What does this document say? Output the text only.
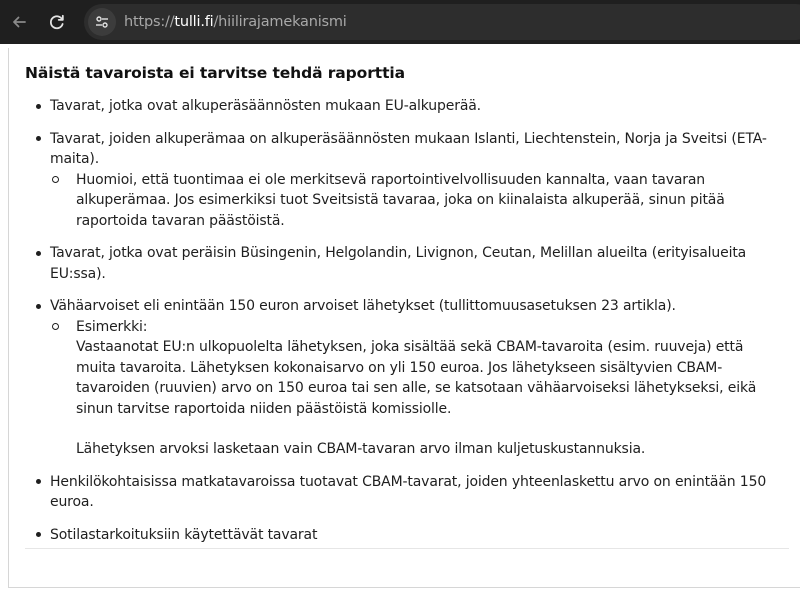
https://tulli.fi/hiilirajamekanismi
Näistä tavaroista ei tarvitse tehdä raporttia
Tavarat, jotka ovat alkuperäsäännösten mukaan EU-alkuperää.
Tavarat, joiden alkuperämaa on alkuperäsäännösten mukaan Islanti, Liechtenstein, Norja ja Sveitsi (ETA-maita).
Huomioi, että tuontimaa ei ole merkitsevä raportointivelvollisuuden kannalta, vaan tavaran alkuperämaa. Jos esimerkiksi tuot Sveitsistä tavaraa, joka on kiinalaista alkuperää, sinun pitää raportoida tavaran päästöistä.
Tavarat, jotka ovat peräisin Büsingenin, Helgolandin, Livignon, Ceutan, Melillan alueilta (erityisalueita EU:ssa).
Vähäarvoiset eli enintään 150 euron arvoiset lähetykset (tullittomuusasetuksen 23 artikla).
Esimerkki:
Vastaanotat EU:n ulkopuolelta lähetyksen, joka sisältää sekä CBAM-tavaroita (esim. ruuveja) että muita tavaroita. Lähetyksen kokonaisarvo on yli 150 euroa. Jos lähetykseen sisältyvien CBAM-tavaroiden (ruuvien) arvo on 150 euroa tai sen alle, se katsotaan vähäarvoiseksi lähetykseksi, eikä sinun tarvitse raportoida niiden päästöistä komissiolle.
Lähetyksen arvoksi lasketaan vain CBAM-tavaran arvo ilman kuljetuskustannuksia.
Henkilökohtaisissa matkatavaroissa tuotavat CBAM-tavarat, joiden yhteenlaskettu arvo on enintään 150 euroa.
Sotilastarkoituksiin käytettävät tavarat
